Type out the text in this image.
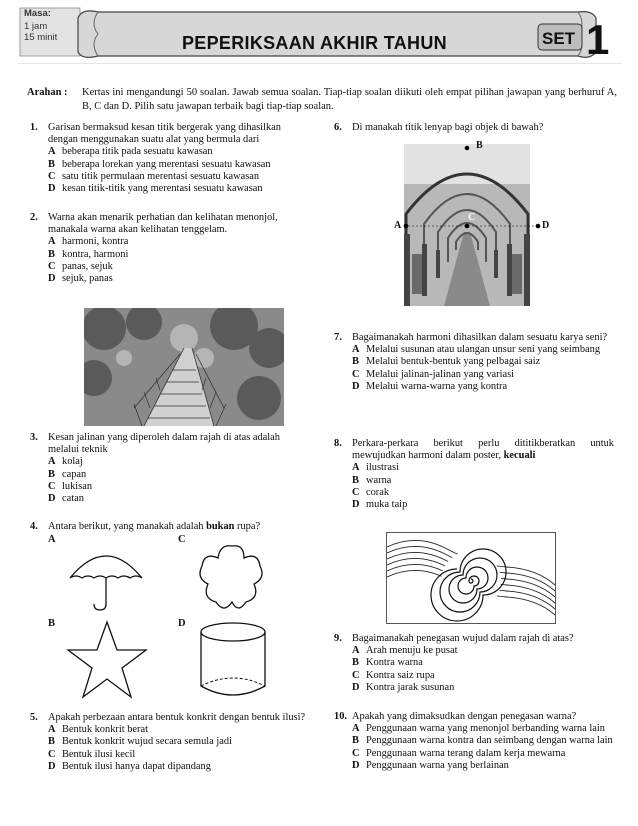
Masa:
1 jam
15 minit	PEPERIKSAAN AKHIR TAHUN	SET 1
Arahan : Kertas ini mengandungi 50 soalan. Jawab semua soalan. Tiap-tiap soalan diikuti oleh empat pilihan jawapan yang berhuruf A, B, C dan D. Pilih satu jawapan terbaik bagi tiap-tiap soalan.
1. Garisan bermaksud kesan titik bergerak yang dihasilkan dengan menggunakan suatu alat yang bermula dari
A beberapa titik pada sesuatu kawasan
B beberapa lorekan yang merentasi sesuatu kawasan
C satu titik permulaan merentasi sesuatu kawasan
D kesan titik-titik yang merentasi sesuatu kawasan
2. Warna akan menarik perhatian dan kelihatan menonjol, manakala warna akan kelihatan tenggelam.
A harmoni, kontra
B kontra, harmoni
C panas, sejuk
D sejuk, panas
3. Kesan jalinan yang diperoleh dalam rajah di atas adalah melalui teknik
A kolaj
B capan
C lukisan
D catan
4. Antara berikut, yang manakah adalah bukan rupa?
A	C
B	D
5. Apakah perbezaan antara bentuk konkrit dengan bentuk ilusi?
A Bentuk konkrit berat
B Bentuk konkrit wujud secara semula jadi
C Bentuk ilusi kecil
D Bentuk ilusi hanya dapat dipandang
6. Di manakah titik lenyap bagi objek di bawah?
B
C
A	D
7. Bagaimanakah harmoni dihasilkan dalam sesuatu karya seni?
A Melalui susunan atau ulangan unsur seni yang seimbang
B Melalui bentuk-bentuk yang pelbagai saiz
C Melalui jalinan-jalinan yang variasi
D Melalui warna-warna yang kontra
8. Perkara-perkara berikut perlu dititikberatkan untuk mewujudkan harmoni dalam poster, kecuali
A ilustrasi
B warna
C corak
D muka taip
9. Bagaimanakah penegasan wujud dalam rajah di atas?
A Arah menuju ke pusat
B Kontra warna
C Kontra saiz rupa
D Kontra jarak susunan
10. Apakah yang dimaksudkan dengan penegasan warna?
A Penggunaan warna yang menonjol berbanding warna lain
B Penggunaan warna kontra dan seimbang dengan warna lain
C Penggunaan warna terang dalam kerja mewarna
D Penggunaan warna yang berlainan
